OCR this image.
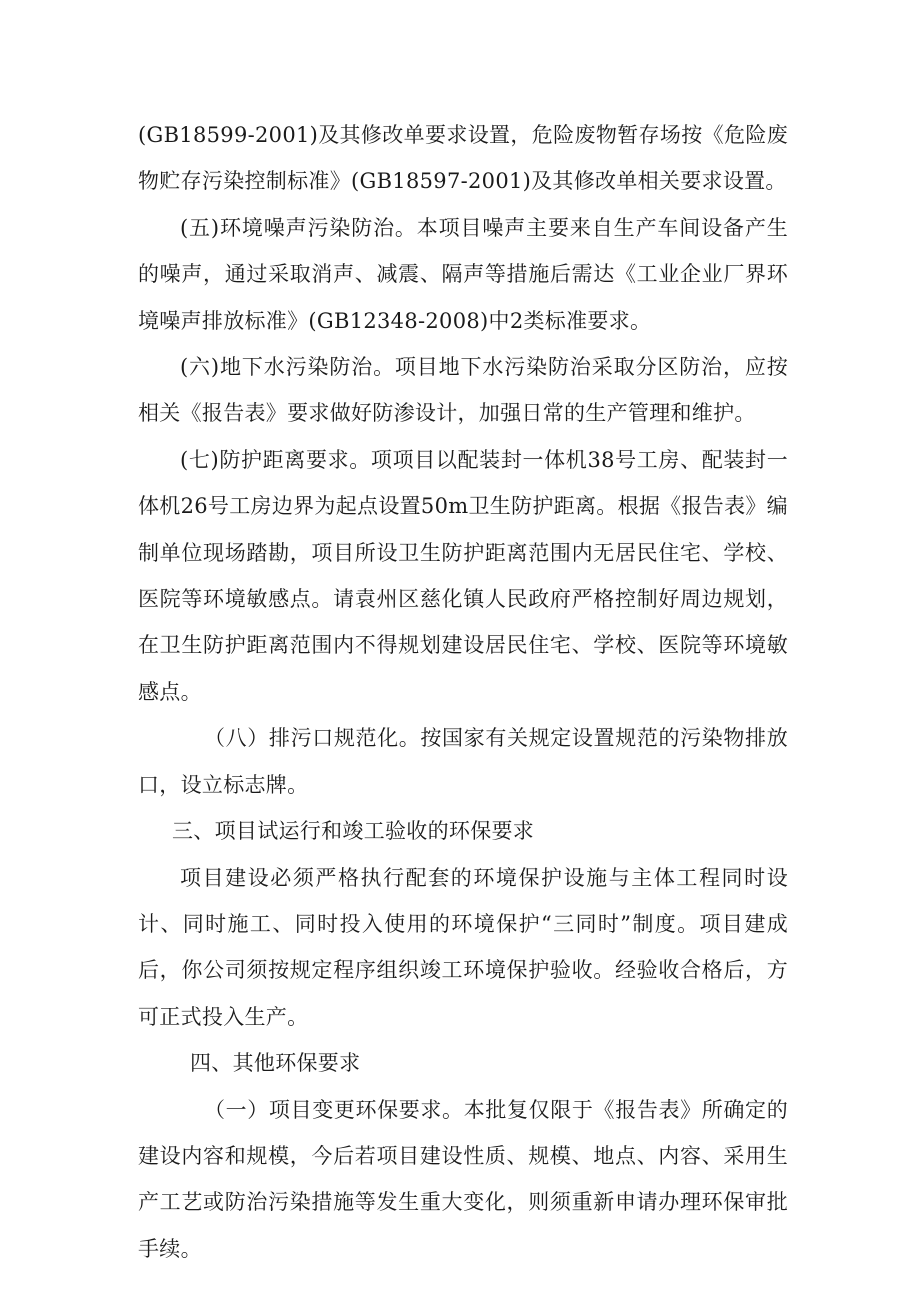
(GB18599-2001)及其修改单要求设置，危险废物暂存场按《危险废物贮存污染控制标准》(GB18597-2001)及其修改单相关要求设置。

(五)环境噪声污染防治。本项目噪声主要来自生产车间设备产生的噪声，通过采取消声、减震、隔声等措施后需达《工业企业厂界环境噪声排放标准》(GB12348-2008)中2类标准要求。

(六)地下水污染防治。项目地下水污染防治采取分区防治，应按相关《报告表》要求做好防渗设计，加强日常的生产管理和维护。

(七)防护距离要求。项项目以配装封一体机38号工房、配装封一体机26号工房边界为起点设置50m卫生防护距离。根据《报告表》编制单位现场踏勘，项目所设卫生防护距离范围内无居民住宅、学校、医院等环境敏感点。请袁州区慈化镇人民政府严格控制好周边规划，在卫生防护距离范围内不得规划建设居民住宅、学校、医院等环境敏感点。

（八）排污口规范化。按国家有关规定设置规范的污染物排放口，设立标志牌。

三、项目试运行和竣工验收的环保要求

项目建设必须严格执行配套的环境保护设施与主体工程同时设计、同时施工、同时投入使用的环境保护“三同时”制度。项目建成后，你公司须按规定程序组织竣工环境保护验收。经验收合格后，方可正式投入生产。

四、其他环保要求

（一）项目变更环保要求。本批复仅限于《报告表》所确定的建设内容和规模，今后若项目建设性质、规模、地点、内容、采用生产工艺或防治污染措施等发生重大变化，则须重新申请办理环保审批手续。
